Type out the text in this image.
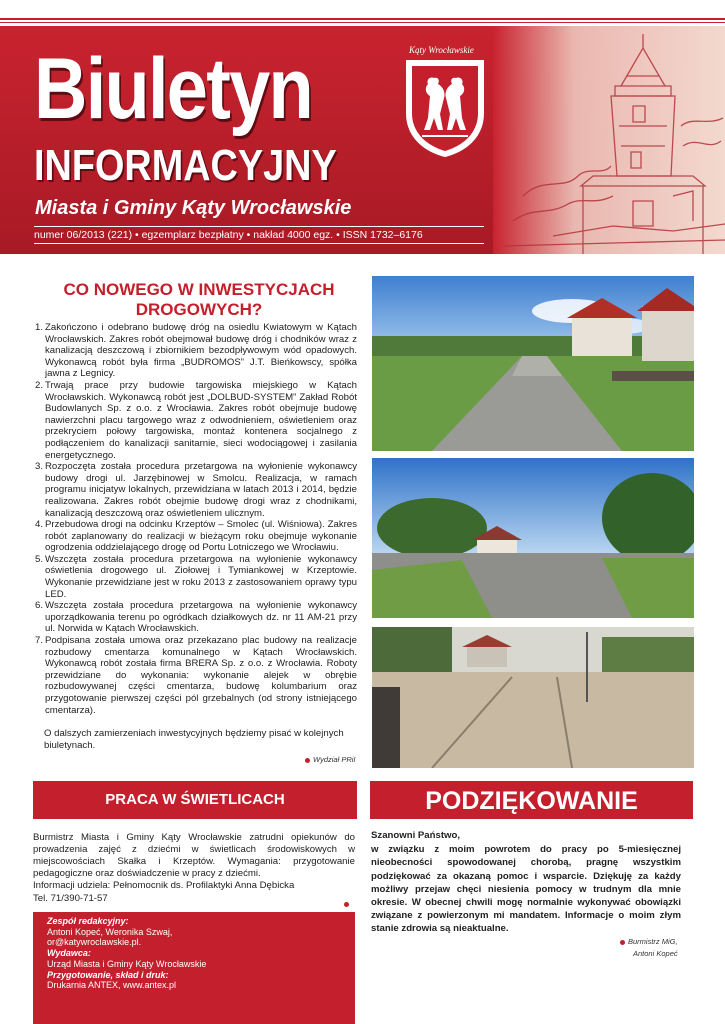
Biuletyn
INFORMACYJNY
Miasta i Gminy Kąty Wrocławskie
numer 06/2013 (221) • egzemplarz bezpłatny • nakład 4000 egz. • ISSN 1732–6176
Kąty Wrocławskie
CO NOWEGO W INWESTYCJACH DROGOWYCH?
1. Zakończono i odebrano budowę dróg na osiedlu Kwiatowym w Kątach Wrocławskich. Zakres robót obejmował budowę dróg i chodników wraz z kanalizacją deszczową i zbiornikiem bezodpływowym wód opadowych. Wykonawcą robót była firma „BUDROMOS” J.T. Bieńkowscy, spółka jawna z Legnicy.
2. Trwają prace przy budowie targowiska miejskiego w Kątach Wrocławskich. Wykonawcą robót jest „DOLBUD-SYSTEM” Zakład Robót Budowlanych Sp. z o.o. z Wrocławia. Zakres robót obejmuje budowę nawierzchni placu targowego wraz z odwodnieniem, oświetleniem oraz przekryciem połowy targowiska, montaż kontenera socjalnego z podłączeniem do kanalizacji sanitarnie, sieci wodociągowej i zasilania energetycznego.
3. Rozpoczęta została procedura przetargowa na wyłonienie wykonawcy budowy drogi ul. Jarzębinowej w Smolcu. Realizacja, w ramach programu inicjatyw lokalnych, przewidziana w latach 2013 i 2014, będzie realizowana. Zakres robót obejmie budowę drogi wraz z chodnikami, kanalizacją deszczową oraz oświetleniem ulicznym.
4. Przebudowa drogi na odcinku Krzeptów – Smolec (ul. Wiśniowa). Zakres robót zaplanowany do realizacji w bieżącym roku obejmuje wykonanie ogrodzenia oddzielającego drogę od Portu Lotniczego we Wrocławiu.
5. Wszczęta została procedura przetargowa na wyłonienie wykonawcy oświetlenia drogowego ul. Ziołowej i Tymiankowej w Krzeptowie. Wykonanie przewidziane jest w roku 2013 z zastosowaniem oprawy typu LED.
6. Wszczęta została procedura przetargowa na wyłonienie wykonawcy uporządkowania terenu po ogródkach działkowych dz. nr 11 AM-21 przy ul. Norwida w Kątach Wrocławskich.
7. Podpisana została umowa oraz przekazano plac budowy na realizacje rozbudowy cmentarza komunalnego w Kątach Wrocławskich. Wykonawcą robót została firma BRERA Sp. z o.o. z Wrocławia. Roboty przewidziane do wykonania: wykonanie alejek w obrębie rozbudowywanej części cmentarza, budowę kolumbarium oraz przygotowanie pierwszej części pól grzebalnych (od strony istniejącego cmentarza).
O dalszych zamierzeniach inwestycyjnych będziemy pisać w kolejnych biuletynach.
Wydział PRiI
PRACA W ŚWIETLICACH	PODZIĘKOWANIE
Burmistrz Miasta i Gminy Kąty Wrocławskie zatrudni opiekunów do prowadzenia zajęć z dziećmi w świetlicach środowiskowych w miejscowościach Skałka i Krzeptów. Wymagania: przygotowanie pedagogiczne oraz doświadczenie w pracy z dziećmi.
Informacji udziela: Pełnomocnik ds. Profilaktyki Anna Dębicka
Tel. 71/390-71-57
Zespół redakcyjny:
Antoni Kopeć, Weronika Szwaj,
or@katywroclawskie.pl.
Wydawca:
Urząd Miasta i Gminy Kąty Wrocławskie
Przygotowanie, skład i druk:
Drukarnia ANTEX, www.antex.pl
Szanowni Państwo,
w związku z moim powrotem do pracy po 5-miesięcznej nieobecności spowodowanej chorobą, pragnę wszystkim podziękować za okazaną pomoc i wsparcie. Dziękuję za każdy możliwy przejaw chęci niesienia pomocy w trudnym dla mnie okresie. W obecnej chwili mogę normalnie wykonywać obowiązki związane z powierzonym mi mandatem. Informacje o moim złym stanie zdrowia są nieaktualne.
Burmistrz MiG,
Antoni Kopeć
